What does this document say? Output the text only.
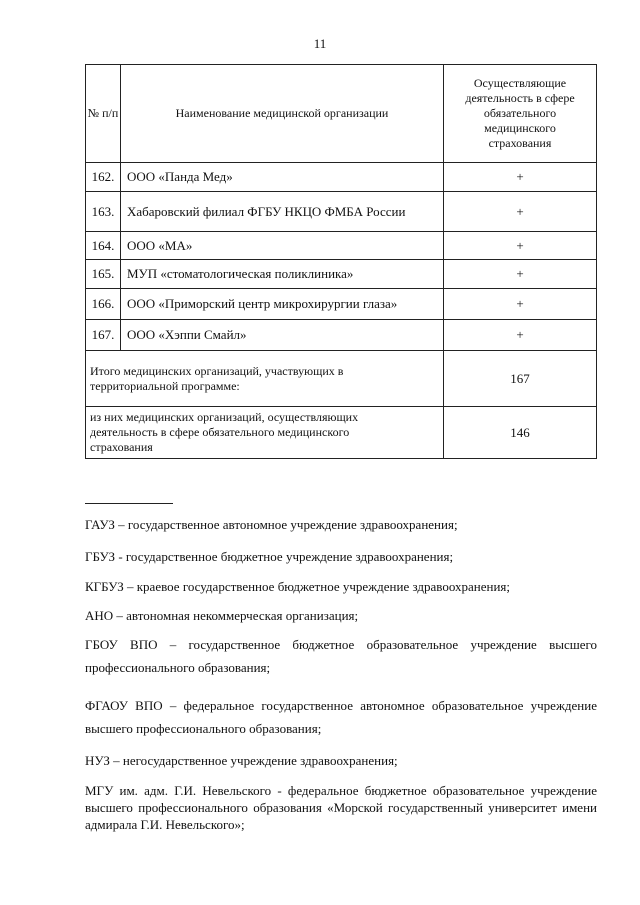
11
№ п/п	Наименование медицинской организации	Осуществляющие деятельность в сфере обязательного медицинского страхования
162.	ООО «Панда Мед»	+
163.	Хабаровский филиал ФГБУ НКЦО ФМБА России	+
164.	ООО «МА»	+
165.	МУП «стоматологическая поликлиника»	+
166.	ООО «Приморский центр микрохирургии глаза»	+
167.	ООО «Хэппи Смайл»	+
Итого медицинских организаций, участвующих в территориальной программе:		167
из них медицинских организаций, осуществляющих деятельность в сфере обязательного медицинского страхования		146

ГАУЗ – государственное автономное учреждение здравоохранения;

ГБУЗ - государственное бюджетное учреждение здравоохранения;

КГБУЗ – краевое государственное бюджетное учреждение здравоохранения;

АНО – автономная некоммерческая организация;

ГБОУ ВПО – государственное бюджетное образовательное учреждение высшего профессионального образования;

ФГАОУ ВПО – федеральное государственное автономное образовательное учреждение высшего профессионального образования;

НУЗ – негосударственное учреждение здравоохранения;

МГУ им. адм. Г.И. Невельского - федеральное бюджетное образовательное учреждение высшего профессионального образования «Морской государственный университет имени адмирала Г.И. Невельского»;
